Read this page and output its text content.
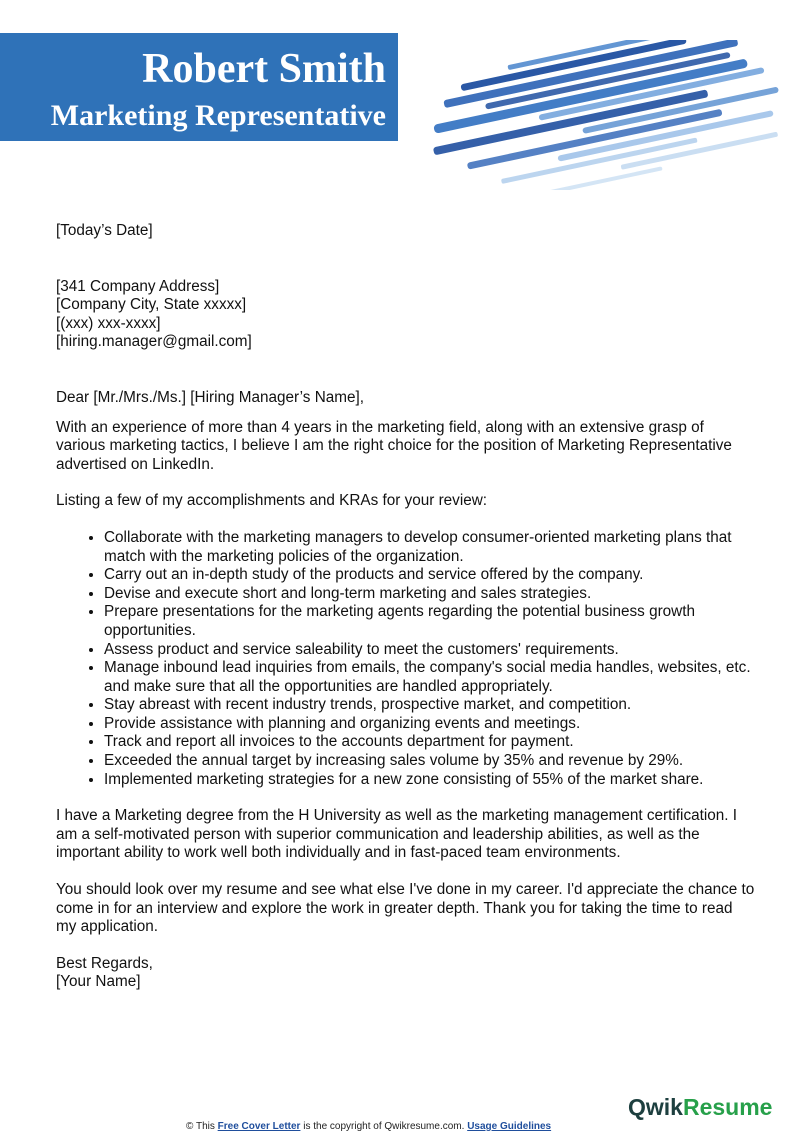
Robert Smith
Marketing Representative

[Today’s Date]

[341 Company Address]

[Company City, State xxxxx]

[(xxx) xxx-xxxx]

[hiring.manager@gmail.com]

Dear [Mr./Mrs./Ms.] [Hiring Manager’s Name],

With an experience of more than 4 years in the marketing field, along with an extensive grasp of various marketing tactics, I believe I am the right choice for the position of Marketing Representative advertised on LinkedIn.

Listing a few of my accomplishments and KRAs for your review:

• Collaborate with the marketing managers to develop consumer-oriented marketing plans that match with the marketing policies of the organization.
• Carry out an in-depth study of the products and service offered by the company.
• Devise and execute short and long-term marketing and sales strategies.
• Prepare presentations for the marketing agents regarding the potential business growth opportunities.
• Assess product and service saleability to meet the customers' requirements.
• Manage inbound lead inquiries from emails, the company's social media handles, websites, etc. and make sure that all the opportunities are handled appropriately.
• Stay abreast with recent industry trends, prospective market, and competition.
• Provide assistance with planning and organizing events and meetings.
• Track and report all invoices to the accounts department for payment.
• Exceeded the annual target by increasing sales volume by 35% and revenue by 29%.
• Implemented marketing strategies for a new zone consisting of 55% of the market share.

I have a Marketing degree from the H University as well as the marketing management certification. I am a self-motivated person with superior communication and leadership abilities, as well as the important ability to work well both individually and in fast-paced team environments.

You should look over my resume and see what else I've done in my career. I'd appreciate the chance to come in for an interview and explore the work in greater depth. Thank you for taking the time to read my application.

Best Regards,

[Your Name]

© This Free Cover Letter is the copyright of Qwikresume.com. Usage Guidelines
QwikResume
